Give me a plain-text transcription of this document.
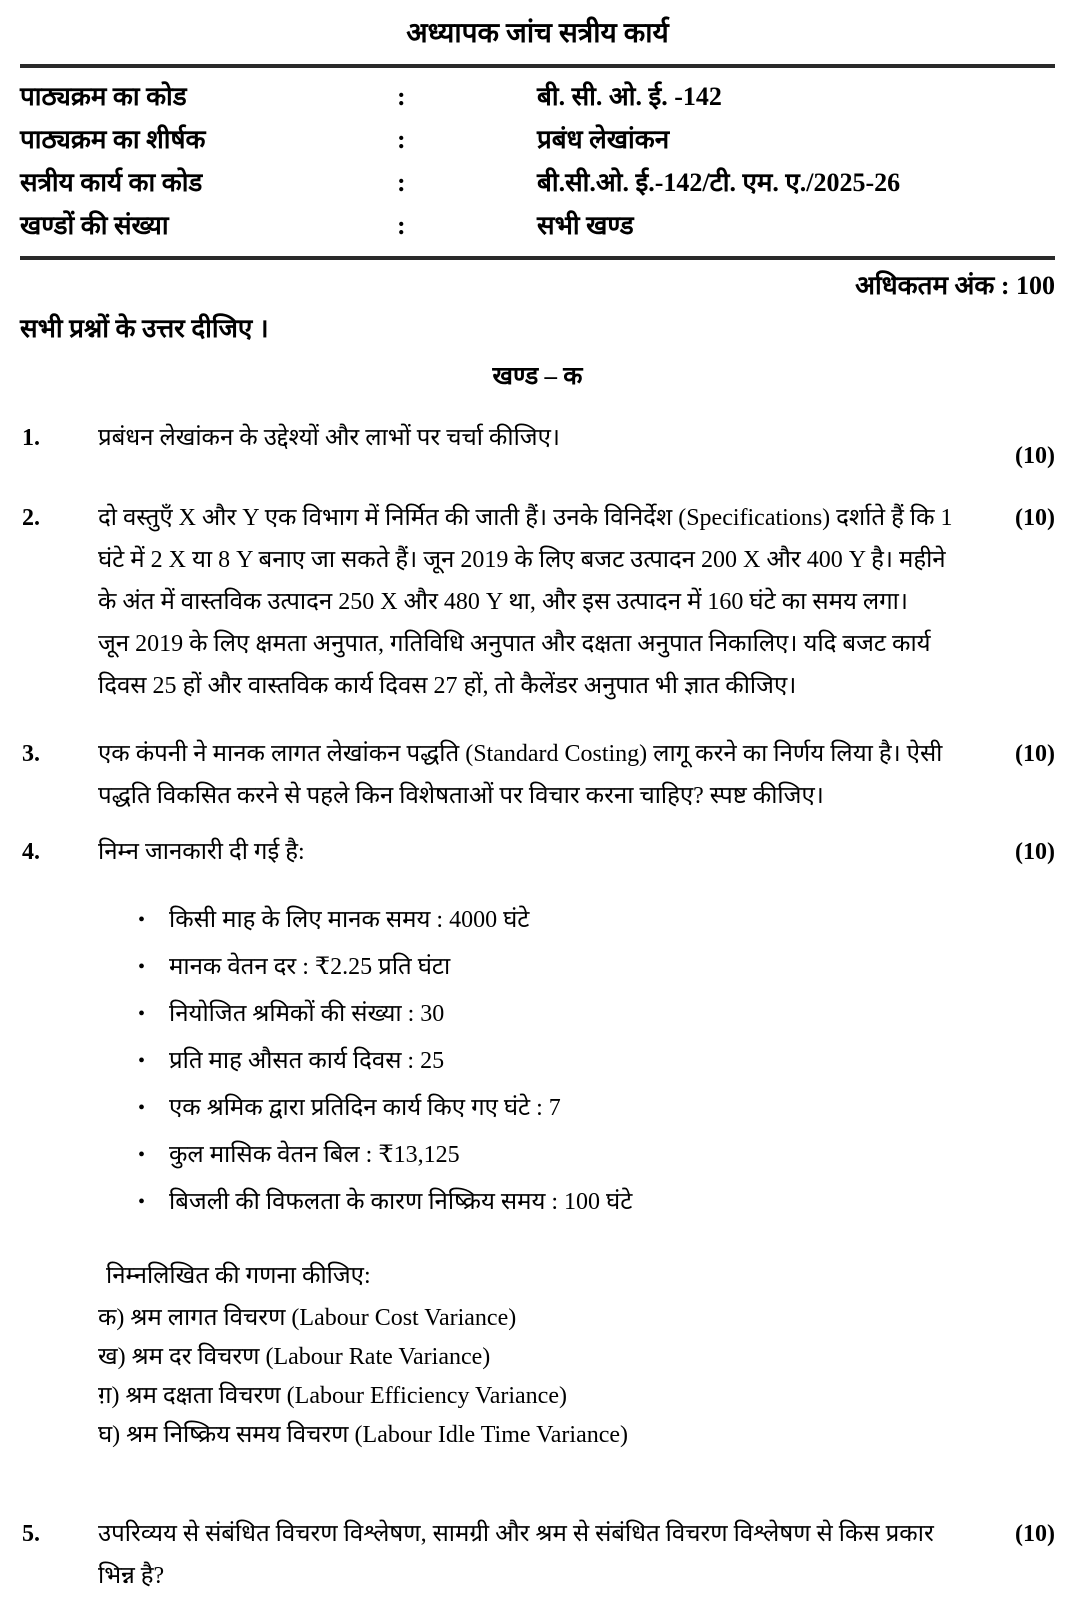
अध्यापक जांच सत्रीय कार्य
पाठ्यक्रम का कोड	:	बी. सी. ओ. ई. -142
पाठ्यक्रम का शीर्षक	:	प्रबंध लेखांकन
सत्रीय कार्य का कोड	:	बी.सी.ओ. ई.-142/टी. एम. ए./2025-26
खण्डों की संख्या	:	सभी खण्ड
अधिकतम अंक : 100
सभी प्रश्नों के उत्तर दीजिए ।
खण्ड – क
1. प्रबंधन लेखांकन के उद्देश्यों और लाभों पर चर्चा कीजिए।

(10)
2. दो वस्तुएँ X और Y एक विभाग में निर्मित की जाती हैं। उनके विनिर्देश (Specifications) दर्शाते हैं कि 1 घंटे में 2 X या 8 Y बनाए जा सकते हैं। जून 2019 के लिए बजट उत्पादन 200 X और 400 Y है। महीने के अंत में वास्तविक उत्पादन 250 X और 480 Y था, और इस उत्पादन में 160 घंटे का समय लगा।

जून 2019 के लिए क्षमता अनुपात, गतिविधि अनुपात और दक्षता अनुपात निकालिए। यदि बजट कार्य दिवस 25 हों और वास्तविक कार्य दिवस 27 हों, तो कैलेंडर अनुपात भी ज्ञात कीजिए।

(10)
3. एक कंपनी ने मानक लागत लेखांकन पद्धति (Standard Costing) लागू करने का निर्णय लिया है। ऐसी पद्धति विकसित करने से पहले किन विशेषताओं पर विचार करना चाहिए? स्पष्ट कीजिए।

(10)
4. निम्न जानकारी दी गई है:

• किसी माह के लिए मानक समय : 4000 घंटे
• मानक वेतन दर : ₹2.25 प्रति घंटा
• नियोजित श्रमिकों की संख्या : 30
• प्रति माह औसत कार्य दिवस : 25
• एक श्रमिक द्वारा प्रतिदिन कार्य किए गए घंटे : 7
• कुल मासिक वेतन बिल : ₹13,125
• बिजली की विफलता के कारण निष्क्रिय समय : 100 घंटे

निम्नलिखित की गणना कीजिए:

क) श्रम लागत विचरण (Labour Cost Variance)

ख) श्रम दर विचरण (Labour Rate Variance)

ग़) श्रम दक्षता विचरण (Labour Efficiency Variance)

घ) श्रम निष्क्रिय समय विचरण (Labour Idle Time Variance)

(10)
5. उपरिव्यय से संबंधित विचरण विश्लेषण, सामग्री और श्रम से संबंधित विचरण विश्लेषण से किस प्रकार भिन्न है?

(10)
